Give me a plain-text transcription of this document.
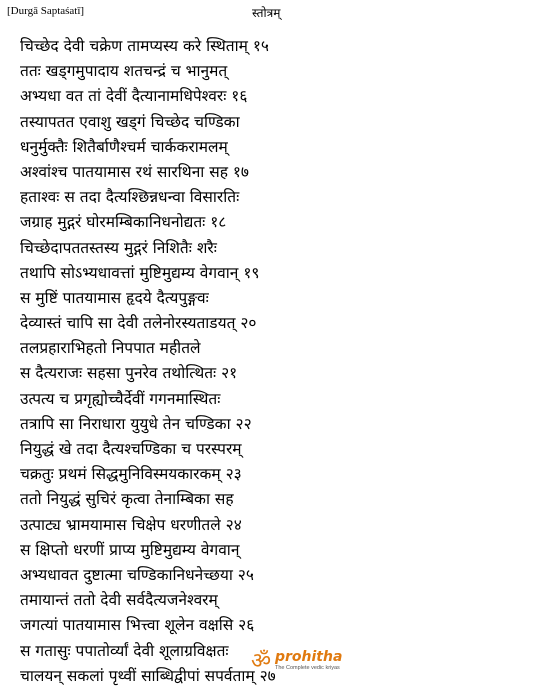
[Durgā Saptaśatī]	स्तोत्रम्
चिच्छेद देवी चक्रेण तामप्यस्य करे स्थिताम् १५
ततः खड्गमुपादाय शतचन्द्रं च भानुमत्
अभ्यधा वत तां देवीं दैत्यानामधिपेश्वरः १६
तस्यापतत एवाशु खड्गं चिच्छेद चण्डिका
धनुर्मुक्तैः शितैर्बाणैश्चर्म चार्ककरामलम्
अश्वांश्च पातयामास रथं सारथिना सह १७
हताश्वः स तदा दैत्यश्छिन्नधन्वा विसारतिः
जग्राह मुद्गरं घोरमम्बिकानिधनोद्यतः १८
चिच्छेदापततस्तस्य मुद्गरं निशितैः शरैः
तथापि सोऽभ्यधावत्तां मुष्टिमुद्यम्य वेगवान् १९
स मुष्टिं पातयामास हृदये दैत्यपुङ्गवः
देव्यास्तं चापि सा देवी तलेनोरस्यताडयत् २०
तलप्रहाराभिहतो निपपात महीतले
स दैत्यराजः सहसा पुनरेव तथोत्थितः २१
उत्पत्य च प्रगृह्योच्चैर्देवीं गगनमास्थितः
तत्रापि सा निराधारा युयुधे तेन चण्डिका २२
नियुद्धं खे तदा दैत्यश्चण्डिका च परस्परम्
चक्रतुः प्रथमं सिद्धमुनिविस्मयकारकम् २३
ततो नियुद्धं सुचिरं कृत्वा तेनाम्बिका सह
उत्पाट्य भ्रामयामास चिक्षेप धरणीतले २४
स क्षिप्तो धरणीं प्राप्य मुष्टिमुद्यम्य वेगवान्
अभ्यधावत दुष्टात्मा चण्डिकानिधनेच्छया २५
तमायान्तं ततो देवी सर्वदैत्यजनेश्वरम्
जगत्यां पातयामास भित्त्वा शूलेन वक्षसि २६
स गतासुः पपातोर्व्यां देवी शूलाग्रविक्षतः
चालयन् सकलां पृथ्वीं साब्धिद्वीपां सपर्वताम् २७
ॐ prohitha
The Complete vedic kriyas
